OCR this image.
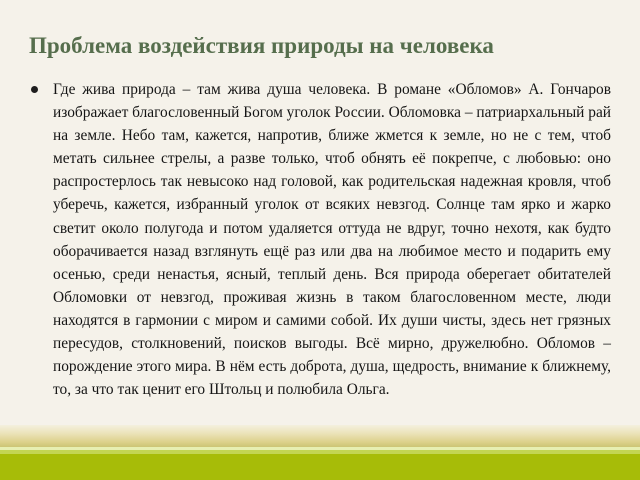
Проблема воздействия природы на человека
Где жива природа – там жива душа человека. В романе «Обломов» А. Гончаров изображает благословенный Богом уголок России. Обломовка – патриархальный рай на земле. Небо там, кажется, напротив, ближе жмется к земле, но не с тем, чтоб метать сильнее стрелы, а разве только, чтоб обнять её покрепче, с любовью: оно распростерлось так невысоко над головой, как родительская надежная кровля, чтоб уберечь, кажется, избранный уголок от всяких невзгод. Солнце там ярко и жарко светит около полугода и потом удаляется оттуда не вдруг, точно нехотя, как будто оборачивается назад взглянуть ещё раз или два на любимое место и подарить ему осенью, среди ненастья, ясный, теплый день. Вся природа оберегает обитателей Обломовки от невзгод, проживая жизнь в таком благословенном месте, люди находятся в гармонии с миром и самими собой. Их души чисты, здесь нет грязных пересудов, столкновений, поисков выгоды. Всё мирно, дружелюбно. Обломов – порождение этого мира. В нём есть доброта, душа, щедрость, внимание к ближнему, то, за что так ценит его Штольц и полюбила Ольга.
